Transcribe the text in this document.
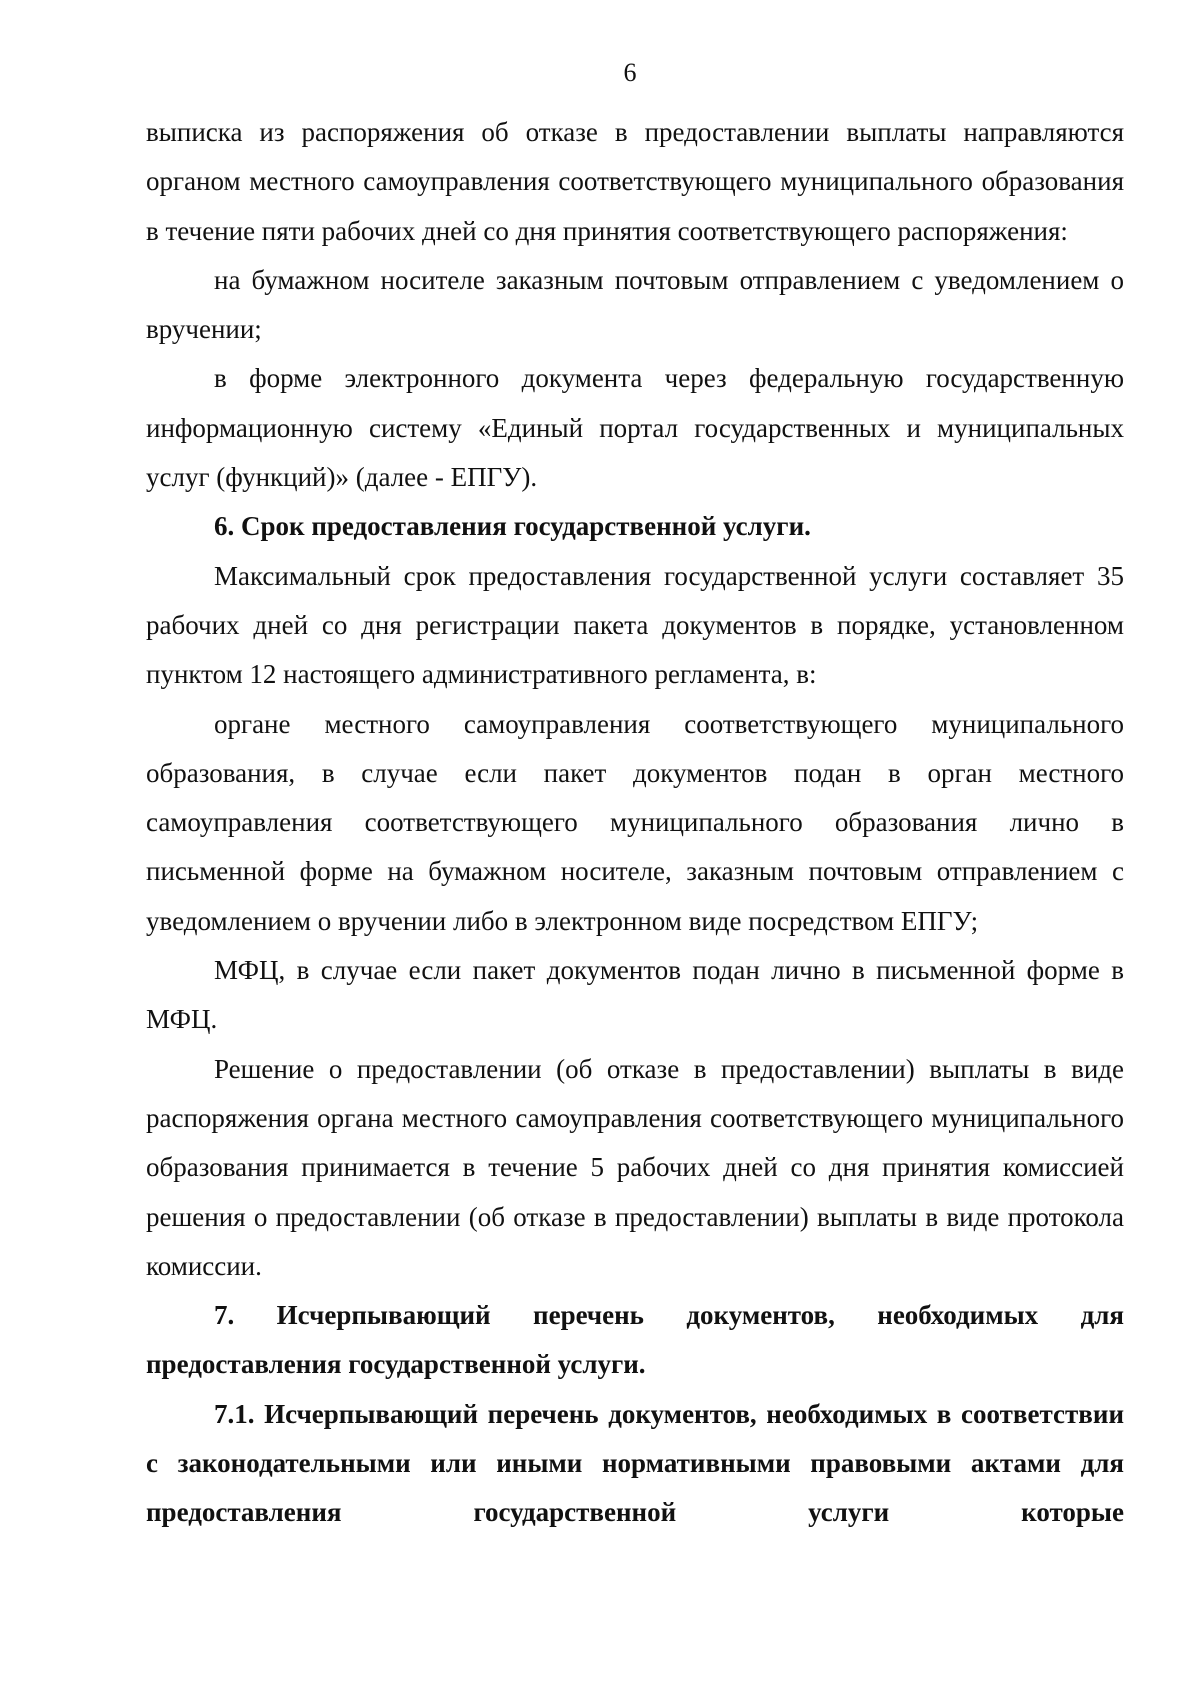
6

выписка из распоряжения об отказе в предоставлении выплаты направляются органом местного самоуправления соответствующего муниципального образования в течение пяти рабочих дней со дня принятия соответствующего распоряжения:

на бумажном носителе заказным почтовым отправлением с уведомлением о вручении;

в форме электронного документа через федеральную государственную информационную систему «Единый портал государственных и муниципальных услуг (функций)» (далее - ЕПГУ).

6. Срок предоставления государственной услуги.

Максимальный срок предоставления государственной услуги составляет 35 рабочих дней со дня регистрации пакета документов в порядке, установленном пунктом 12 настоящего административного регламента, в:

органе местного самоуправления соответствующего муниципального образования, в случае если пакет документов подан в орган местного самоуправления соответствующего муниципального образования лично в письменной форме на бумажном носителе, заказным почтовым отправлением с уведомлением о вручении либо в электронном виде посредством ЕПГУ;

МФЦ, в случае если пакет документов подан лично в письменной форме в МФЦ.

Решение о предоставлении (об отказе в предоставлении) выплаты в виде распоряжения органа местного самоуправления соответствующего муниципального образования принимается в течение 5 рабочих дней со дня принятия комиссией решения о предоставлении (об отказе в предоставлении) выплаты в виде протокола комиссии.

7. Исчерпывающий перечень документов, необходимых для предоставления государственной услуги.

7.1. Исчерпывающий перечень документов, необходимых в соответствии с законодательными или иными нормативными правовыми актами для предоставления государственной услуги которые
